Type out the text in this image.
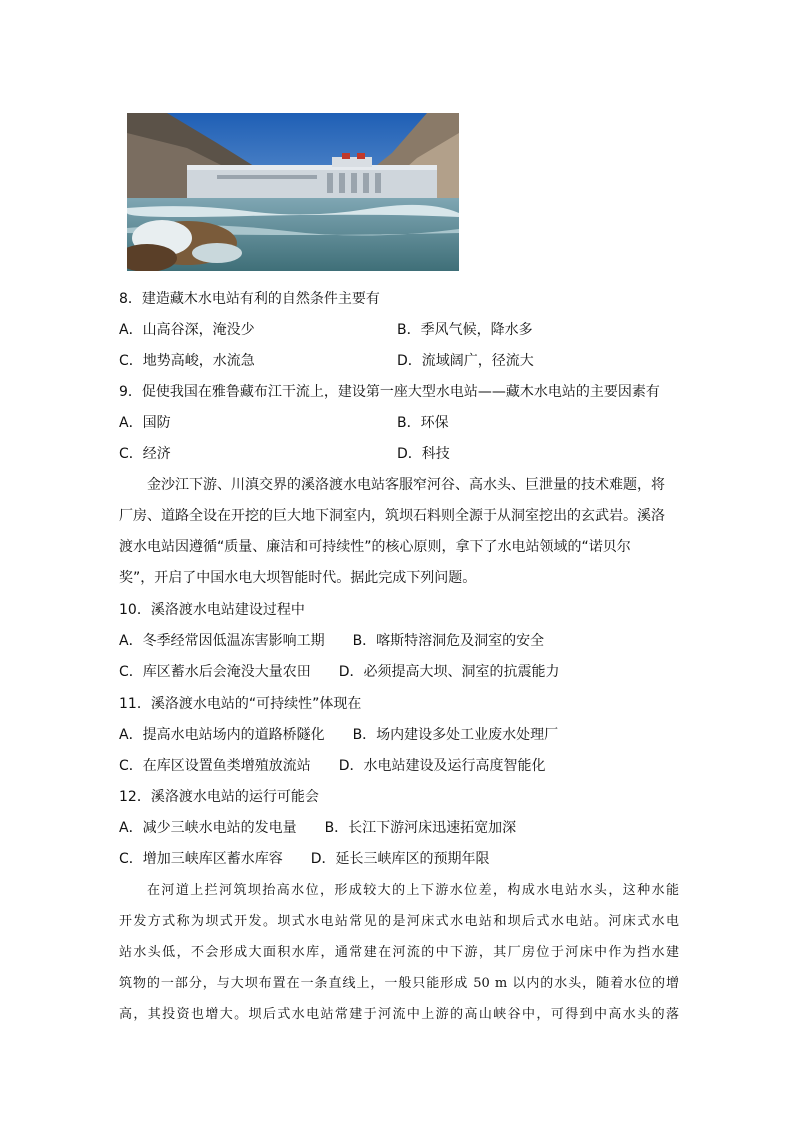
8．建造藏木水电站有利的自然条件主要有
A．山高谷深，淹没少	B．季风气候，降水多
C．地势高峻，水流急	D．流域阔广，径流大
9．促使我国在雅鲁藏布江干流上，建设第一座大型水电站——藏木水电站的主要因素有
A．国防	B．环保
C．经济	D．科技
金沙江下游、川滇交界的溪洛渡水电站客服窄河谷、高水头、巨泄量的技术难题，将
厂房、道路全设在开挖的巨大地下洞室内，筑坝石料则全源于从洞室挖出的玄武岩。溪洛
渡水电站因遵循“质量、廉洁和可持续性”的核心原则，拿下了水电站领域的“诺贝尔
奖”，开启了中国水电大坝智能时代。据此完成下列问题。
10．溪洛渡水电站建设过程中
A．冬季经常因低温冻害影响工期 B．喀斯特溶洞危及洞室的安全
C．库区蓄水后会淹没大量农田 D．必须提高大坝、洞室的抗震能力
11．溪洛渡水电站的“可持续性”体现在
A．提高水电站场内的道路桥隧化 B．场内建设多处工业废水处理厂
C．在库区设置鱼类增殖放流站 D．水电站建设及运行高度智能化
12．溪洛渡水电站的运行可能会
A．减少三峡水电站的发电量 B．长江下游河床迅速拓宽加深
C．增加三峡库区蓄水库容 D．延长三峡库区的预期年限
在河道上拦河筑坝抬高水位，形成较大的上下游水位差，构成水电站水头，这种水能
开发方式称为坝式开发。坝式水电站常见的是河床式水电站和坝后式水电站。河床式水电
站水头低，不会形成大面积水库，通常建在河流的中下游，其厂房位于河床中作为挡水建
筑物的一部分，与大坝布置在一条直线上，一般只能形成 50 m 以内的水头，随着水位的增
高，其投资也增大。坝后式水电站常建于河流中上游的高山峡谷中，可得到中高水头的落
